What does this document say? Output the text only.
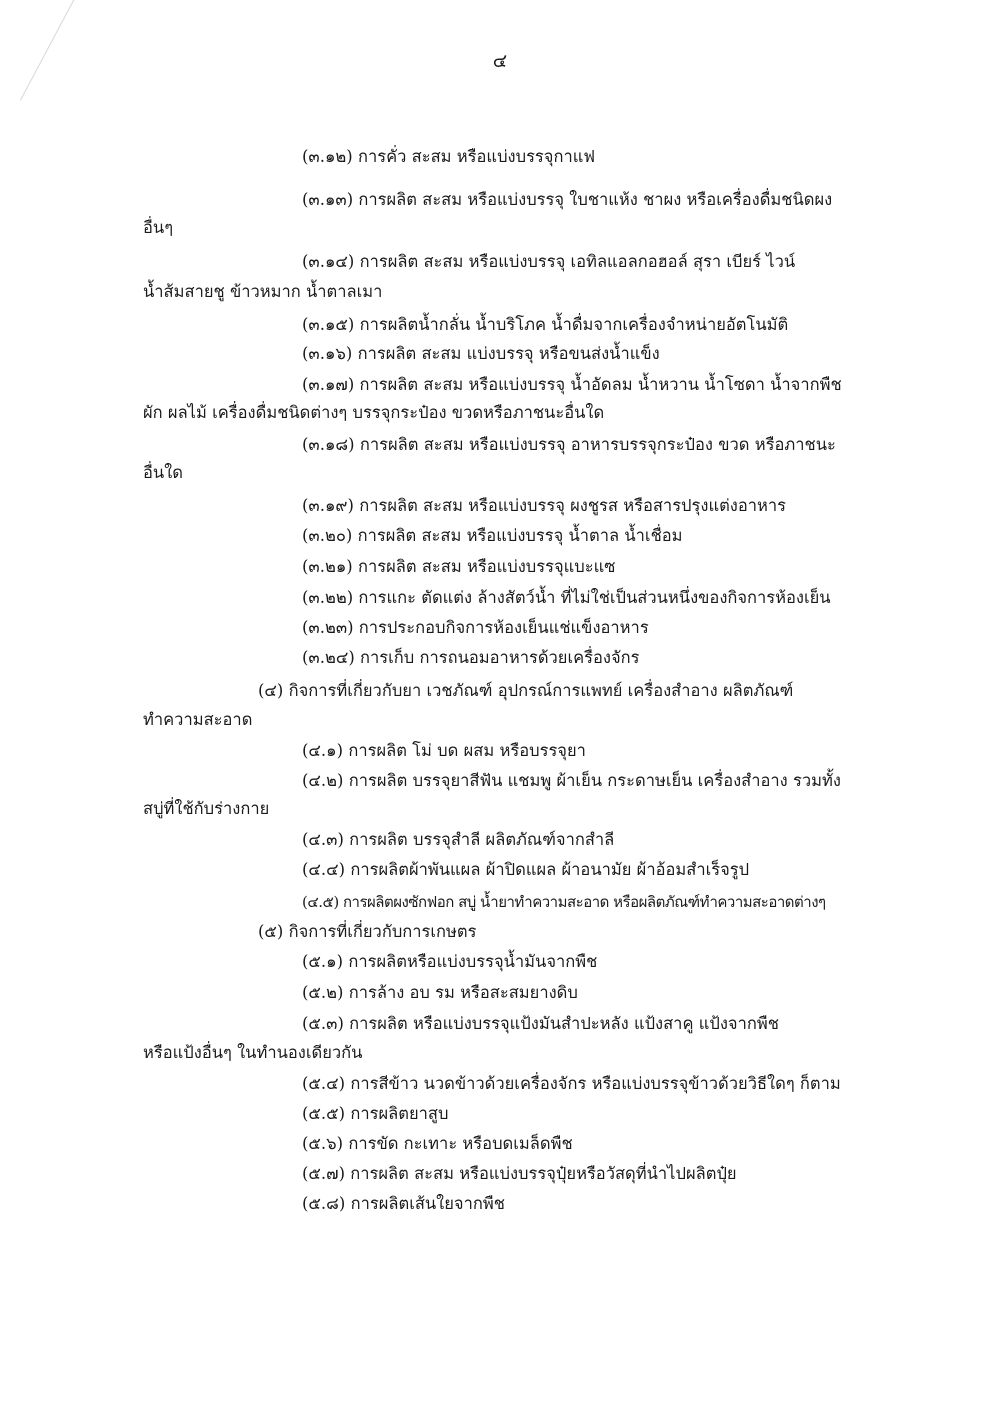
๔
(๓.๑๒) การคั่ว สะสม หรือแบ่งบรรจุกาแฟ
(๓.๑๓) การผลิต สะสม หรือแบ่งบรรจุ ใบชาแห้ง ชาผง หรือเครื่องดื่มชนิดผง
อื่นๆ
(๓.๑๔) การผลิต สะสม หรือแบ่งบรรจุ เอทิลแอลกอฮอล์ สุรา เบียร์ ไวน์
น้ำส้มสายชู ข้าวหมาก น้ำตาลเมา
(๓.๑๕) การผลิตน้ำกลั่น น้ำบริโภค น้ำดื่มจากเครื่องจำหน่ายอัตโนมัติ
(๓.๑๖) การผลิต สะสม แบ่งบรรจุ หรือขนส่งน้ำแข็ง
(๓.๑๗) การผลิต สะสม หรือแบ่งบรรจุ น้ำอัดลม น้ำหวาน น้ำโซดา น้ำจากพืช
ผัก ผลไม้ เครื่องดื่มชนิดต่างๆ บรรจุกระป๋อง ขวดหรือภาชนะอื่นใด
(๓.๑๘) การผลิต สะสม หรือแบ่งบรรจุ อาหารบรรจุกระป๋อง ขวด หรือภาชนะ
อื่นใด
(๓.๑๙) การผลิต สะสม หรือแบ่งบรรจุ ผงชูรส หรือสารปรุงแต่งอาหาร
(๓.๒๐) การผลิต สะสม หรือแบ่งบรรจุ น้ำตาล น้ำเชื่อม
(๓.๒๑) การผลิต สะสม หรือแบ่งบรรจุแบะแซ
(๓.๒๒) การแกะ ตัดแต่ง ล้างสัตว์น้ำ ที่ไม่ใช่เป็นส่วนหนึ่งของกิจการห้องเย็น
(๓.๒๓) การประกอบกิจการห้องเย็นแช่แข็งอาหาร
(๓.๒๔) การเก็บ การถนอมอาหารด้วยเครื่องจักร
(๔) กิจการที่เกี่ยวกับยา เวชภัณฑ์ อุปกรณ์การแพทย์ เครื่องสำอาง ผลิตภัณฑ์
ทำความสะอาด
(๔.๑) การผลิต โม่ บด ผสม หรือบรรจุยา
(๔.๒) การผลิต บรรจุยาสีฟัน แชมพู ผ้าเย็น กระดาษเย็น เครื่องสำอาง รวมทั้ง
สบู่ที่ใช้กับร่างกาย
(๔.๓) การผลิต บรรจุสำลี ผลิตภัณฑ์จากสำลี
(๔.๔) การผลิตผ้าพันแผล ผ้าปิดแผล ผ้าอนามัย ผ้าอ้อมสำเร็จรูป
(๔.๕) การผลิตผงซักฟอก สบู่ น้ำยาทำความสะอาด หรือผลิตภัณฑ์ทำความสะอาดต่างๆ
(๕) กิจการที่เกี่ยวกับการเกษตร
(๕.๑) การผลิตหรือแบ่งบรรจุน้ำมันจากพืช
(๕.๒) การล้าง อบ รม หรือสะสมยางดิบ
(๕.๓) การผลิต หรือแบ่งบรรจุแป้งมันสำปะหลัง แป้งสาคู แป้งจากพืช
หรือแป้งอื่นๆ ในทำนองเดียวกัน
(๕.๔) การสีข้าว นวดข้าวด้วยเครื่องจักร หรือแบ่งบรรจุข้าวด้วยวิธีใดๆ ก็ตาม
(๕.๕) การผลิตยาสูบ
(๕.๖) การขัด กะเทาะ หรือบดเมล็ดพืช
(๕.๗) การผลิต สะสม หรือแบ่งบรรจุปุ๋ยหรือวัสดุที่นำไปผลิตปุ๋ย
(๕.๘) การผลิตเส้นใยจากพืช
